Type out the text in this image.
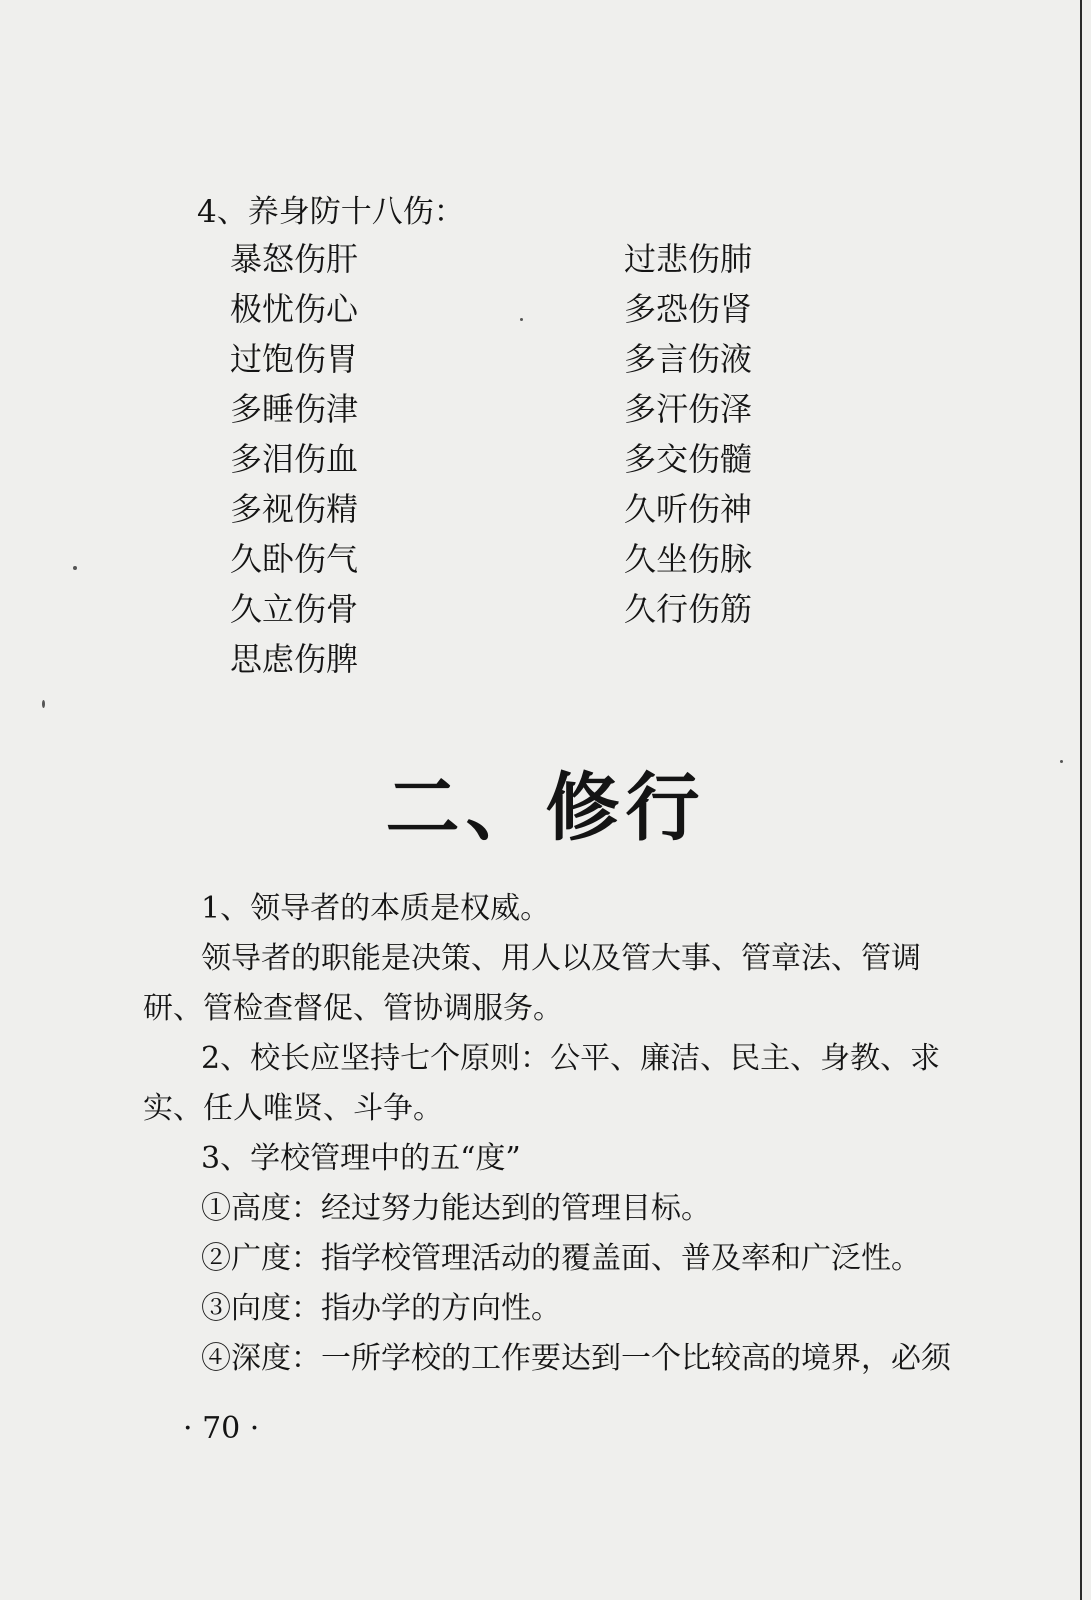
4、养身防十八伤：
暴怒伤肝
极忧伤心
过饱伤胃
多睡伤津
多泪伤血
多视伤精
久卧伤气
久立伤骨
思虑伤脾
过悲伤肺
多恐伤肾
多言伤液
多汗伤泽
多交伤髓
久听伤神
久坐伤脉
久行伤筋
二、修行

1、领导者的本质是权威。

领导者的职能是决策、用人以及管大事、管章法、管调研、管检查督促、管协调服务。

2、校长应坚持七个原则：公平、廉洁、民主、身教、求实、任人唯贤、斗争。

3、学校管理中的五“度”

①高度：经过努力能达到的管理目标。

②广度：指学校管理活动的覆盖面、普及率和广泛性。

③向度：指办学的方向性。

④深度：一所学校的工作要达到一个比较高的境界，必须

· 70 ·
